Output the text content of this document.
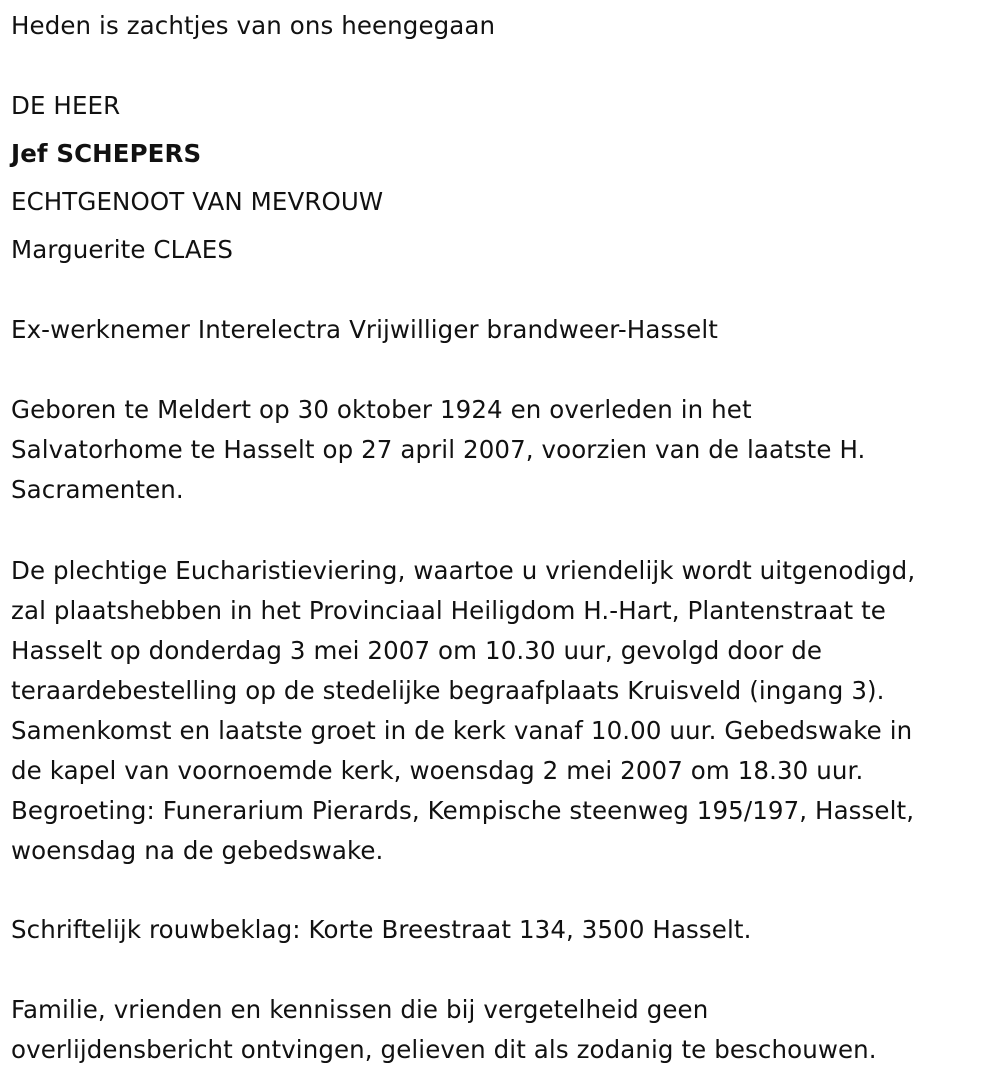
Heden is zachtjes van ons heengegaan
DE HEER
Jef SCHEPERS
ECHTGENOOT VAN MEVROUW
Marguerite CLAES
Ex-werknemer Interelectra Vrijwilliger brandweer-Hasselt
Geboren te Meldert op 30 oktober 1924 en overleden in het
Salvatorhome te Hasselt op 27 april 2007, voorzien van de laatste H.
Sacramenten.
De plechtige Eucharistieviering, waartoe u vriendelijk wordt uitgenodigd,
zal plaatshebben in het Provinciaal Heiligdom H.-Hart, Plantenstraat te
Hasselt op donderdag 3 mei 2007 om 10.30 uur, gevolgd door de
teraardebestelling op de stedelijke begraafplaats Kruisveld (ingang 3).
Samenkomst en laatste groet in de kerk vanaf 10.00 uur. Gebedswake in
de kapel van voornoemde kerk, woensdag 2 mei 2007 om 18.30 uur.
Begroeting: Funerarium Pierards, Kempische steenweg 195/197, Hasselt,
woensdag na de gebedswake.
Schriftelijk rouwbeklag: Korte Breestraat 134, 3500 Hasselt.
Familie, vrienden en kennissen die bij vergetelheid geen
overlijdensbericht ontvingen, gelieven dit als zodanig te beschouwen.
